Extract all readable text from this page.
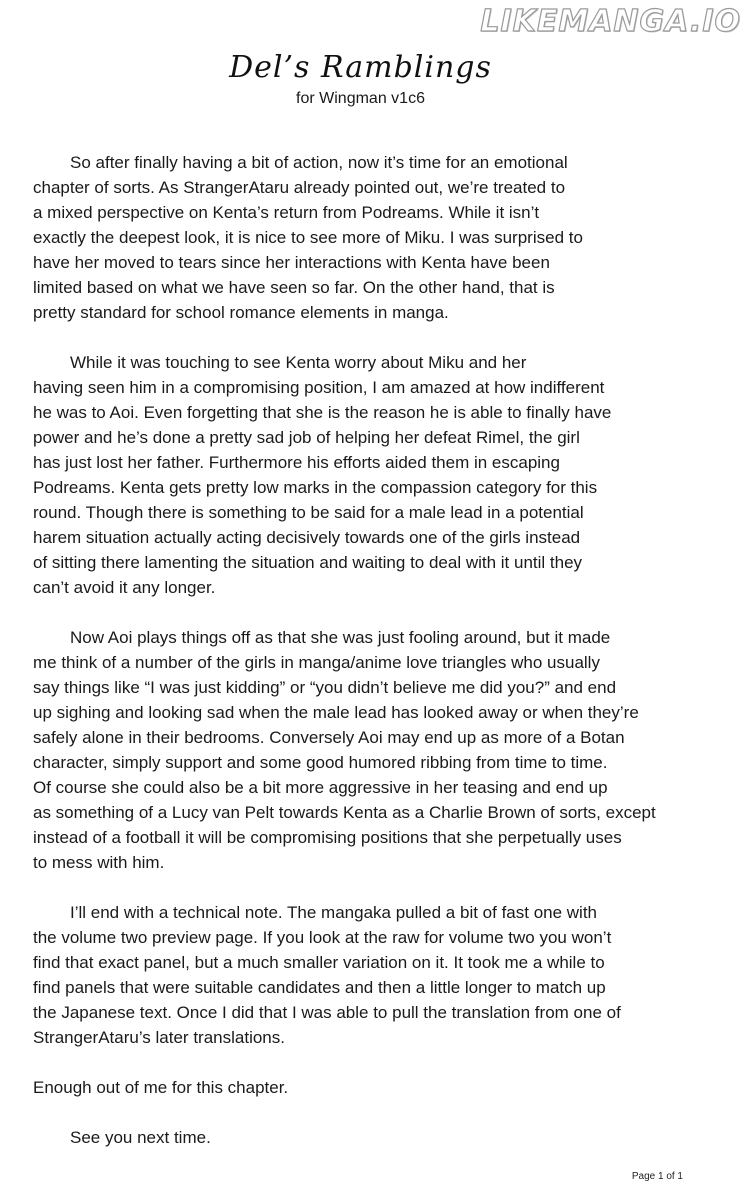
LIKEMANGA.IO
Del’s Ramblings
for Wingman v1c6
So after finally having a bit of action, now it’s time for an emotional
chapter of sorts. As StrangerAtaru already pointed out, we’re treated to
a mixed perspective on Kenta’s return from Podreams. While it isn’t
exactly the deepest look, it is nice to see more of Miku. I was surprised to
have her moved to tears since her interactions with Kenta have been
limited based on what we have seen so far. On the other hand, that is
pretty standard for school romance elements in manga.
While it was touching to see Kenta worry about Miku and her
having seen him in a compromising position, I am amazed at how indifferent
he was to Aoi. Even forgetting that she is the reason he is able to finally have
power and he’s done a pretty sad job of helping her defeat Rimel, the girl
has just lost her father. Furthermore his efforts aided them in escaping
Podreams. Kenta gets pretty low marks in the compassion category for this
round. Though there is something to be said for a male lead in a potential
harem situation actually acting decisively towards one of the girls instead
of sitting there lamenting the situation and waiting to deal with it until they
can’t avoid it any longer.
Now Aoi plays things off as that she was just fooling around, but it made
me think of a number of the girls in manga/anime love triangles who usually
say things like “I was just kidding” or “you didn’t believe me did you?” and end
up sighing and looking sad when the male lead has looked away or when they’re
safely alone in their bedrooms. Conversely Aoi may end up as more of a Botan
character, simply support and some good humored ribbing from time to time.
Of course she could also be a bit more aggressive in her teasing and end up
as something of a Lucy van Pelt towards Kenta as a Charlie Brown of sorts, except
instead of a football it will be compromising positions that she perpetually uses
to mess with him.
I’ll end with a technical note. The mangaka pulled a bit of fast one with
the volume two preview page. If you look at the raw for volume two you won’t
find that exact panel, but a much smaller variation on it. It took me a while to
find panels that were suitable candidates and then a little longer to match up
the Japanese text. Once I did that I was able to pull the translation from one of
StrangerAtaru’s later translations.
Enough out of me for this chapter.
See you next time.
Page 1 of 1
